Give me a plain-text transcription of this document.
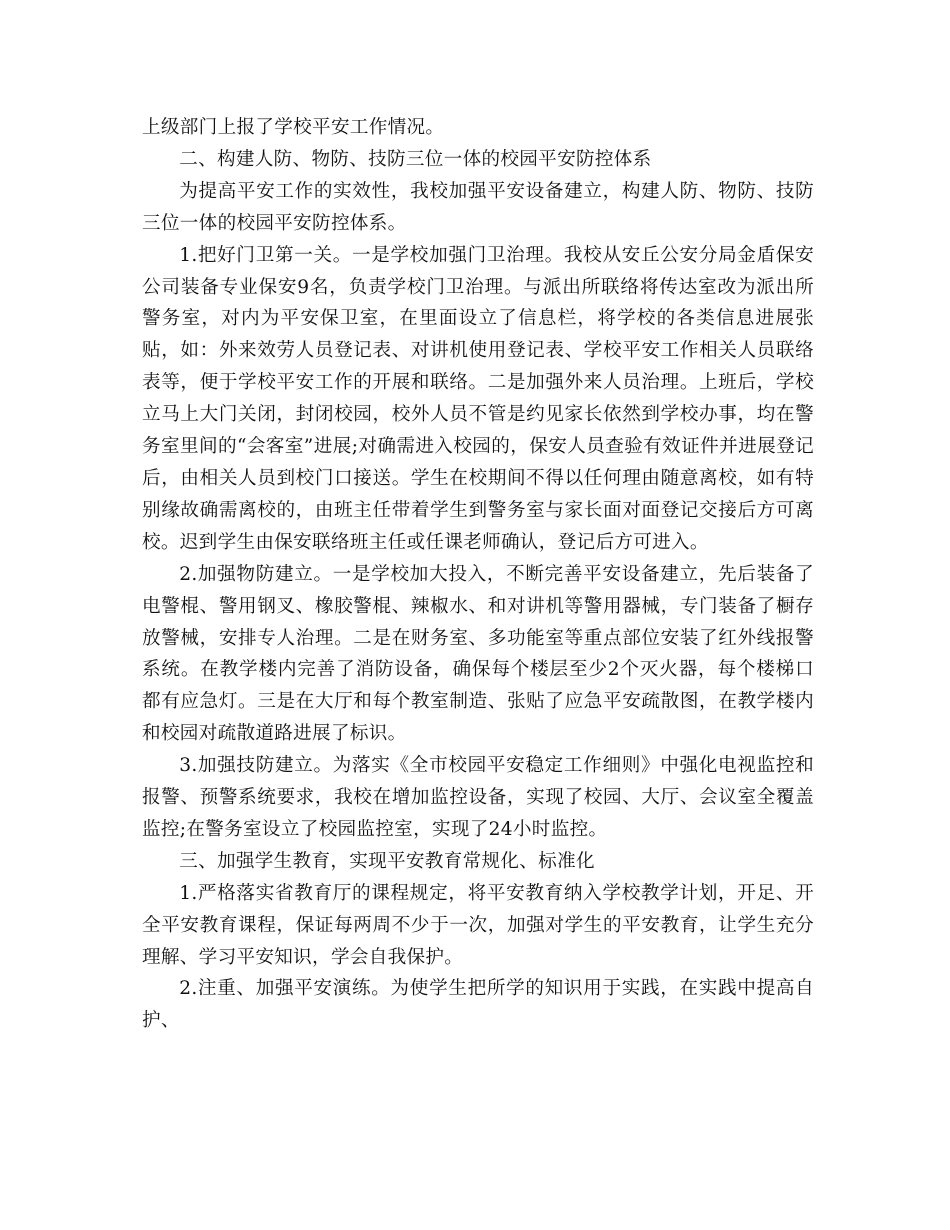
上级部门上报了学校平安工作情况。

二、构建人防、物防、技防三位一体的校园平安防控体系

为提高平安工作的实效性，我校加强平安设备建立，构建人防、物防、技防三位一体的校园平安防控体系。

1.把好门卫第一关。一是学校加强门卫治理。我校从安丘公安分局金盾保安公司装备专业保安9名，负责学校门卫治理。与派出所联络将传达室改为派出所警务室，对内为平安保卫室，在里面设立了信息栏，将学校的各类信息进展张贴，如：外来效劳人员登记表、对讲机使用登记表、学校平安工作相关人员联络表等，便于学校平安工作的开展和联络。二是加强外来人员治理。上班后，学校立马上大门关闭，封闭校园，校外人员不管是约见家长依然到学校办事，均在警务室里间的“会客室”进展;对确需进入校园的，保安人员查验有效证件并进展登记后，由相关人员到校门口接送。学生在校期间不得以任何理由随意离校，如有特别缘故确需离校的，由班主任带着学生到警务室与家长面对面登记交接后方可离校。迟到学生由保安联络班主任或任课老师确认，登记后方可进入。

2.加强物防建立。一是学校加大投入，不断完善平安设备建立，先后装备了电警棍、警用钢叉、橡胶警棍、辣椒水、和对讲机等警用器械，专门装备了橱存放警械，安排专人治理。二是在财务室、多功能室等重点部位安装了红外线报警系统。在教学楼内完善了消防设备，确保每个楼层至少2个灭火器，每个楼梯口都有应急灯。三是在大厅和每个教室制造、张贴了应急平安疏散图，在教学楼内和校园对疏散道路进展了标识。

3.加强技防建立。为落实《全市校园平安稳定工作细则》中强化电视监控和报警、预警系统要求，我校在增加监控设备，实现了校园、大厅、会议室全覆盖监控;在警务室设立了校园监控室，实现了24小时监控。

三、加强学生教育，实现平安教育常规化、标准化

1.严格落实省教育厅的课程规定，将平安教育纳入学校教学计划，开足、开全平安教育课程，保证每两周不少于一次，加强对学生的平安教育，让学生充分理解、学习平安知识，学会自我保护。

2.注重、加强平安演练。为使学生把所学的知识用于实践，在实践中提高自护、
